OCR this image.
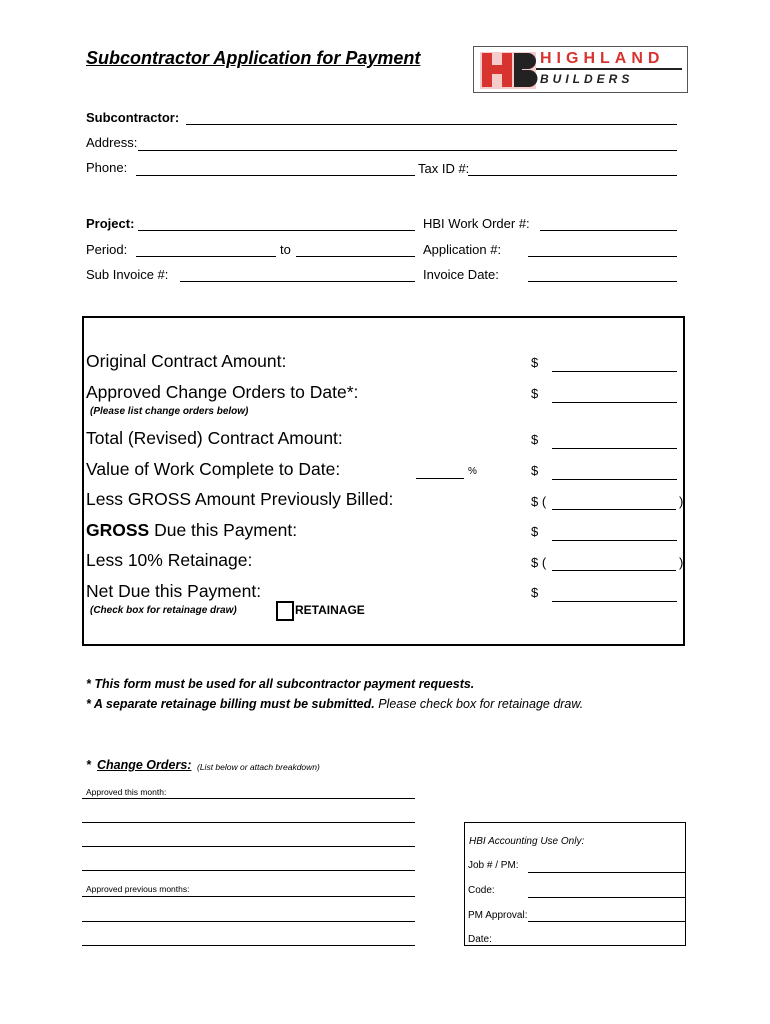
Subcontractor Application for Payment	HIGHLAND
BUILDERS
Subcontractor:
Address:
Phone:	Tax ID #:
Project:	HBI Work Order #:
Period:	to	Application #:
Sub Invoice #:	Invoice Date:
Original Contract Amount:	$
Approved Change Orders to Date*:	$
(Please list change orders below)
Total (Revised) Contract Amount:	$
Value of Work Complete to Date:	%	$
Less GROSS Amount Previously Billed:	$ (	)
GROSS Due this Payment:	$
Less 10% Retainage:	$ (	)
Net Due this Payment:	$
(Check box for retainage draw)	RETAINAGE
* This form must be used for all subcontractor payment requests.
* A separate retainage billing must be submitted. Please check box for retainage draw.
* Change Orders: (List below or attach breakdown)
Approved this month:
Approved previous months:
HBI Accounting Use Only:
Job # / PM:
Code:
PM Approval:
Date:
